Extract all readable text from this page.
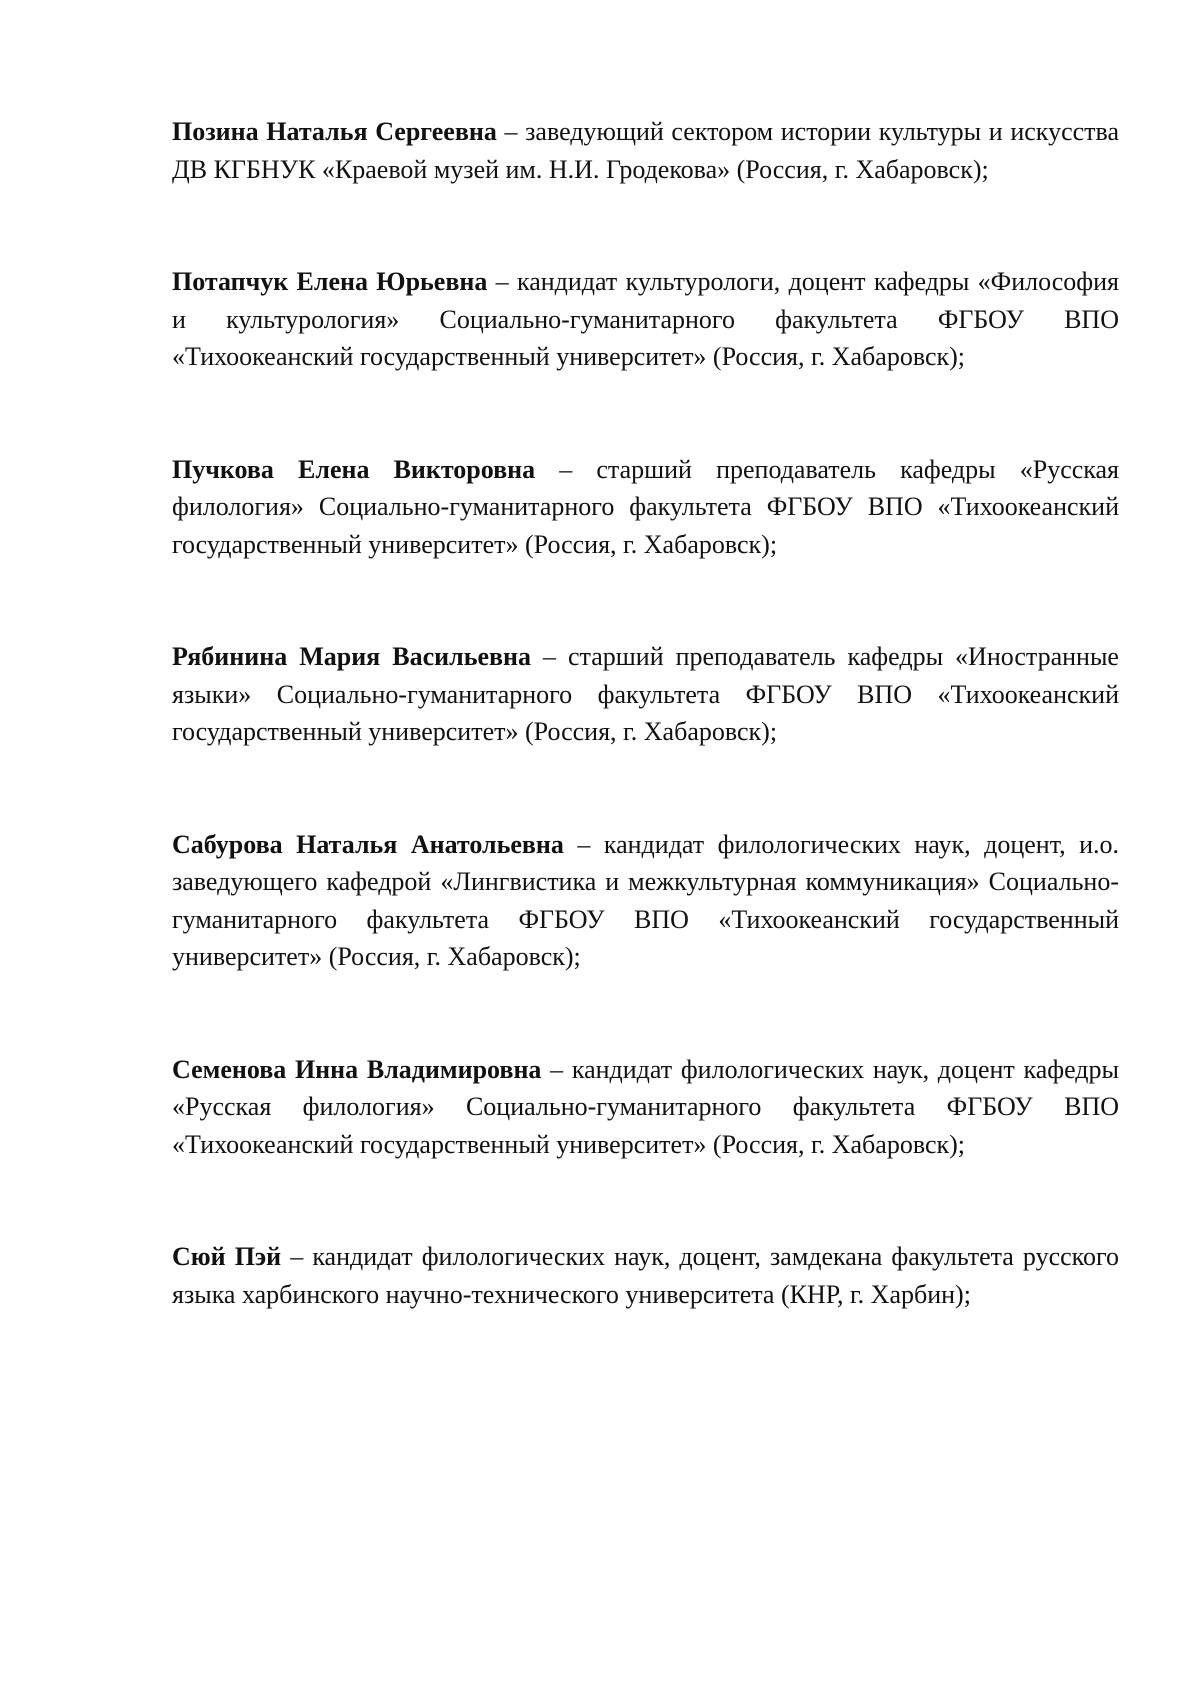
Позина Наталья Сергеевна – заведующий сектором истории культуры и искусства ДВ КГБНУК «Краевой музей им. Н.И. Гродекова» (Россия, г. Хабаровск);

Потапчук Елена Юрьевна – кандидат культурологи, доцент кафедры «Философия и культурология» Социально-гуманитарного факультета ФГБОУ ВПО «Тихоокеанский государственный университет» (Россия, г. Хабаровск);

Пучкова Елена Викторовна – старший преподаватель кафедры «Русская филология» Социально-гуманитарного факультета ФГБОУ ВПО «Тихоокеанский государственный университет» (Россия, г. Хабаровск);

Рябинина Мария Васильевна – старший преподаватель кафедры «Иностранные языки» Социально-гуманитарного факультета ФГБОУ ВПО «Тихоокеанский государственный университет» (Россия, г. Хабаровск);

Сабурова Наталья Анатольевна – кандидат филологических наук, доцент, и.о. заведующего кафедрой «Лингвистика и межкультурная коммуникация» Социально-гуманитарного факультета ФГБОУ ВПО «Тихоокеанский государственный университет» (Россия, г. Хабаровск);

Семенова Инна Владимировна – кандидат филологических наук, доцент кафедры «Русская филология» Социально-гуманитарного факультета ФГБОУ ВПО «Тихоокеанский государственный университет» (Россия, г. Хабаровск);

Сюй Пэй – кандидат филологических наук, доцент, замдекана факультета русского языка харбинского научно-технического университета (КНР, г. Харбин);
